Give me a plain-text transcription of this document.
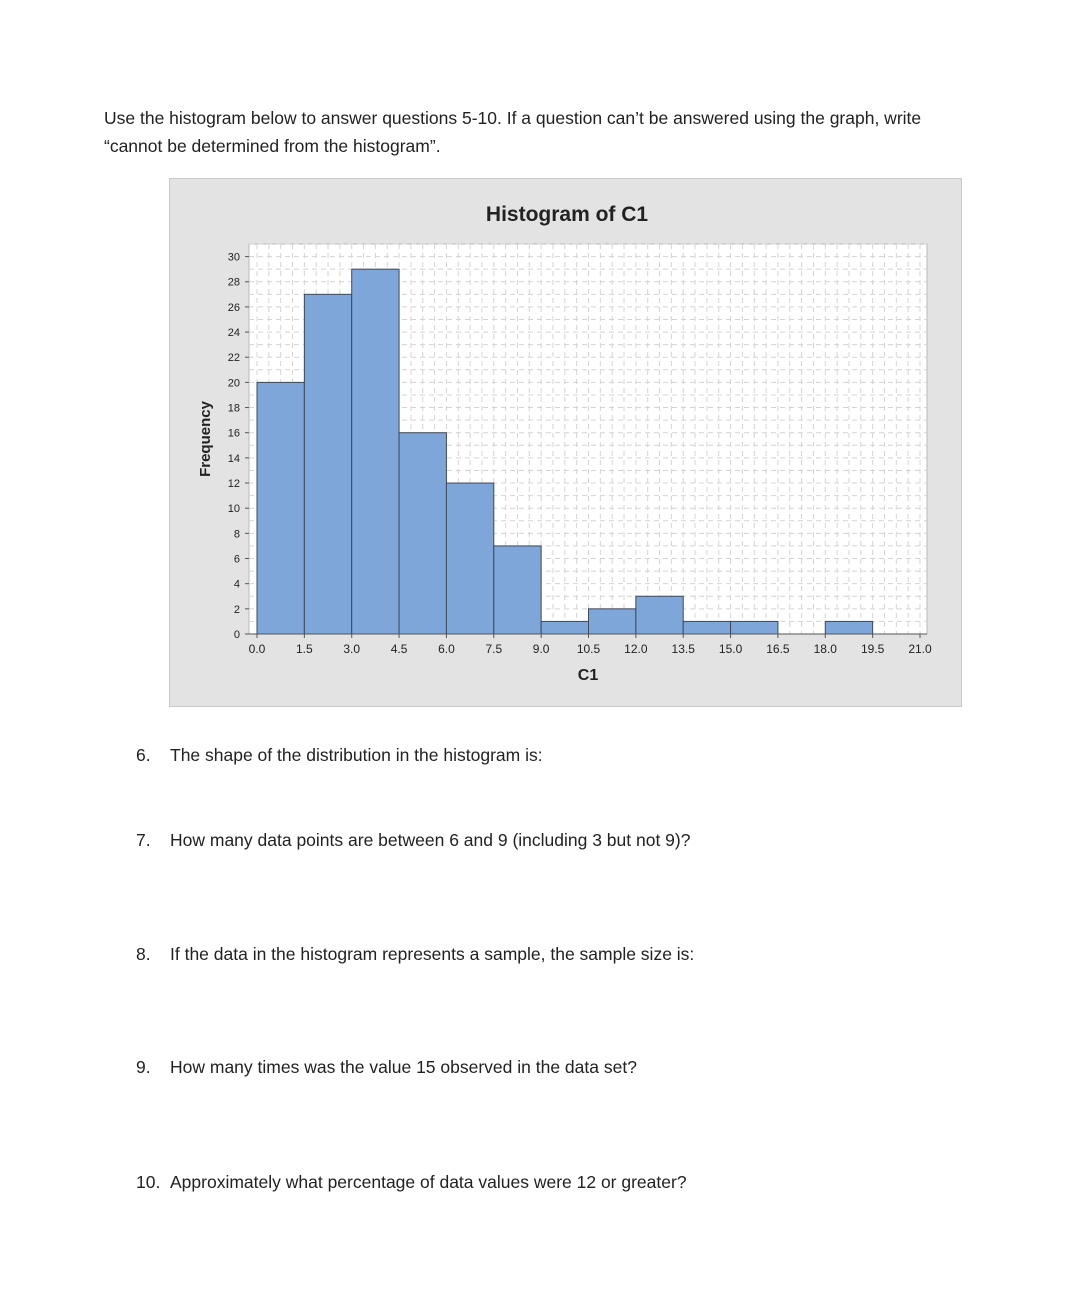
Use the histogram below to answer questions 5-10. If a question can’t be answered using the graph, write “cannot be determined from the histogram”.

0
2
4
6
8
10
12
14
16
18
20
22
24
26
28
30
0.0	1.5	3.0	4.5	6.0	7.5	9.0 10.5 12.0 13.5 15.0 16.5 18.0 19.5 21.0
Histogram of C1
C1
Frequency

6. The shape of the distribution in the histogram is:

7. How many data points are between 6 and 9 (including 3 but not 9)?

8. If the data in the histogram represents a sample, the sample size is:

9. How many times was the value 15 observed in the data set?

10. Approximately what percentage of data values were 12 or greater?
